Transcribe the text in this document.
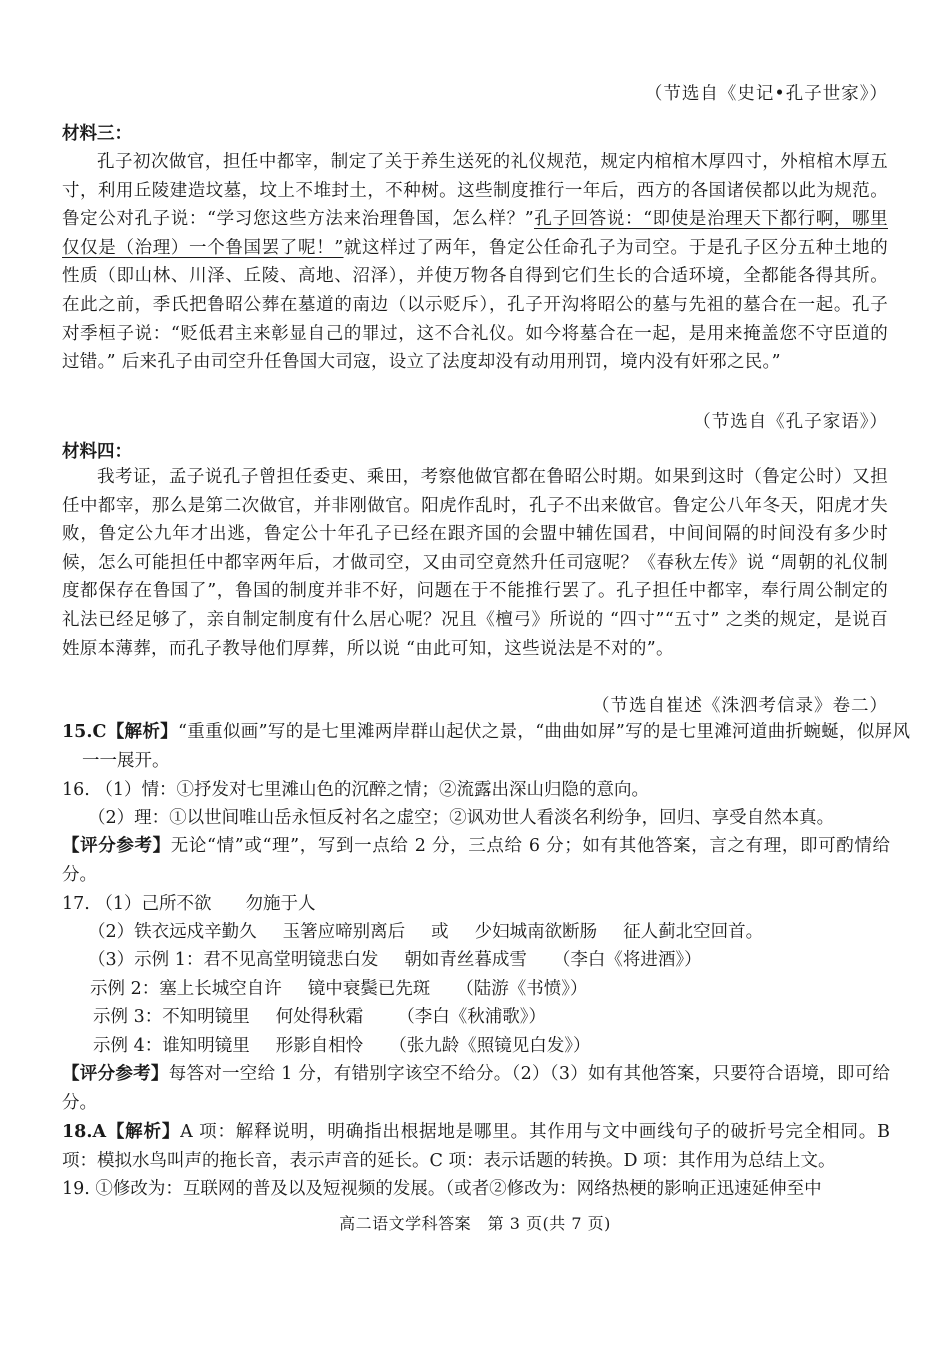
（节选自《史记•孔子世家》）
材料三：
孔子初次做官，担任中都宰，制定了关于养生送死的礼仪规范，规定内棺棺木厚四寸，外棺棺木厚五寸，利用丘陵建造坟墓，坟上不堆封土，不种树。这些制度推行一年后，西方的各国诸侯都以此为规范。鲁定公对孔子说：“学习您这些方法来治理鲁国，怎么样？”孔子回答说：“即使是治理天下都行啊，哪里仅仅是（治理）一个鲁国罢了呢！”就这样过了两年，鲁定公任命孔子为司空。于是孔子区分五种土地的性质（即山林、川泽、丘陵、高地、沼泽），并使万物各自得到它们生长的合适环境，全都能各得其所。在此之前，季氏把鲁昭公葬在墓道的南边（以示贬斥），孔子开沟将昭公的墓与先祖的墓合在一起。孔子对季桓子说：“贬低君主来彰显自己的罪过，这不合礼仪。如今将墓合在一起，是用来掩盖您不守臣道的过错。” 后来孔子由司空升任鲁国大司寇，设立了法度却没有动用刑罚，境内没有奸邪之民。”
（节选自《孔子家语》）
材料四：
我考证，孟子说孔子曾担任委吏、乘田，考察他做官都在鲁昭公时期。如果到这时（鲁定公时）又担任中都宰，那么是第二次做官，并非刚做官。阳虎作乱时，孔子不出来做官。鲁定公八年冬天，阳虎才失败，鲁定公九年才出逃，鲁定公十年孔子已经在跟齐国的会盟中辅佐国君，中间间隔的时间没有多少时候，怎么可能担任中都宰两年后，才做司空，又由司空竟然升任司寇呢？《春秋左传》说 “周朝的礼仪制度都保存在鲁国了”，鲁国的制度并非不好，问题在于不能推行罢了。孔子担任中都宰，奉行周公制定的礼法已经足够了，亲自制定制度有什么居心呢？况且《檀弓》所说的 “四寸”“五寸” 之类的规定，是说百姓原本薄葬，而孔子教导他们厚葬，所以说 “由此可知，这些说法是不对的”。
（节选自崔述《洙泗考信录》卷二）
15.C【解析】“重重似画”写的是七里滩两岸群山起伏之景，“曲曲如屏”写的是七里滩河道曲折蜿蜒，似屏风一一展开。
16. （1）情：①抒发对七里滩山色的沉醉之情；②流露出深山归隐的意向。
（2）理：①以世间唯山岳永恒反衬名之虚空；②讽劝世人看淡名利纷争，回归、享受自然本真。
【评分参考】无论“情”或“理”，写到一点给 2 分，三点给 6 分；如有其他答案，言之有理，即可酌情给分。
17. （1）己所不欲 勿施于人
（2）铁衣远戍辛勤久 玉箸应啼别离后 或 少妇城南欲断肠 征人蓟北空回首。
（3）示例 1：君不见高堂明镜悲白发 朝如青丝暮成雪 （李白《将进酒》）
示例 2：塞上长城空自许 镜中衰鬓已先斑 （陆游《书愤》）
示例 3：不知明镜里 何处得秋霜 （李白《秋浦歌》）
示例 4：谁知明镜里 形影自相怜 （张九龄《照镜见白发》）
【评分参考】每答对一空给 1 分，有错别字该空不给分。（2）（3）如有其他答案，只要符合语境，即可给分。
18.A【解析】A 项：解释说明，明确指出根据地是哪里。其作用与文中画线句子的破折号完全相同。B 项：模拟水鸟叫声的拖长音，表示声音的延长。C 项：表示话题的转换。D 项：其作用为总结上文。
19. ①修改为：互联网的普及以及短视频的发展。（或者②修改为：网络热梗的影响正迅速延伸至中
高二语文学科答案　第 3 页(共 7 页)
